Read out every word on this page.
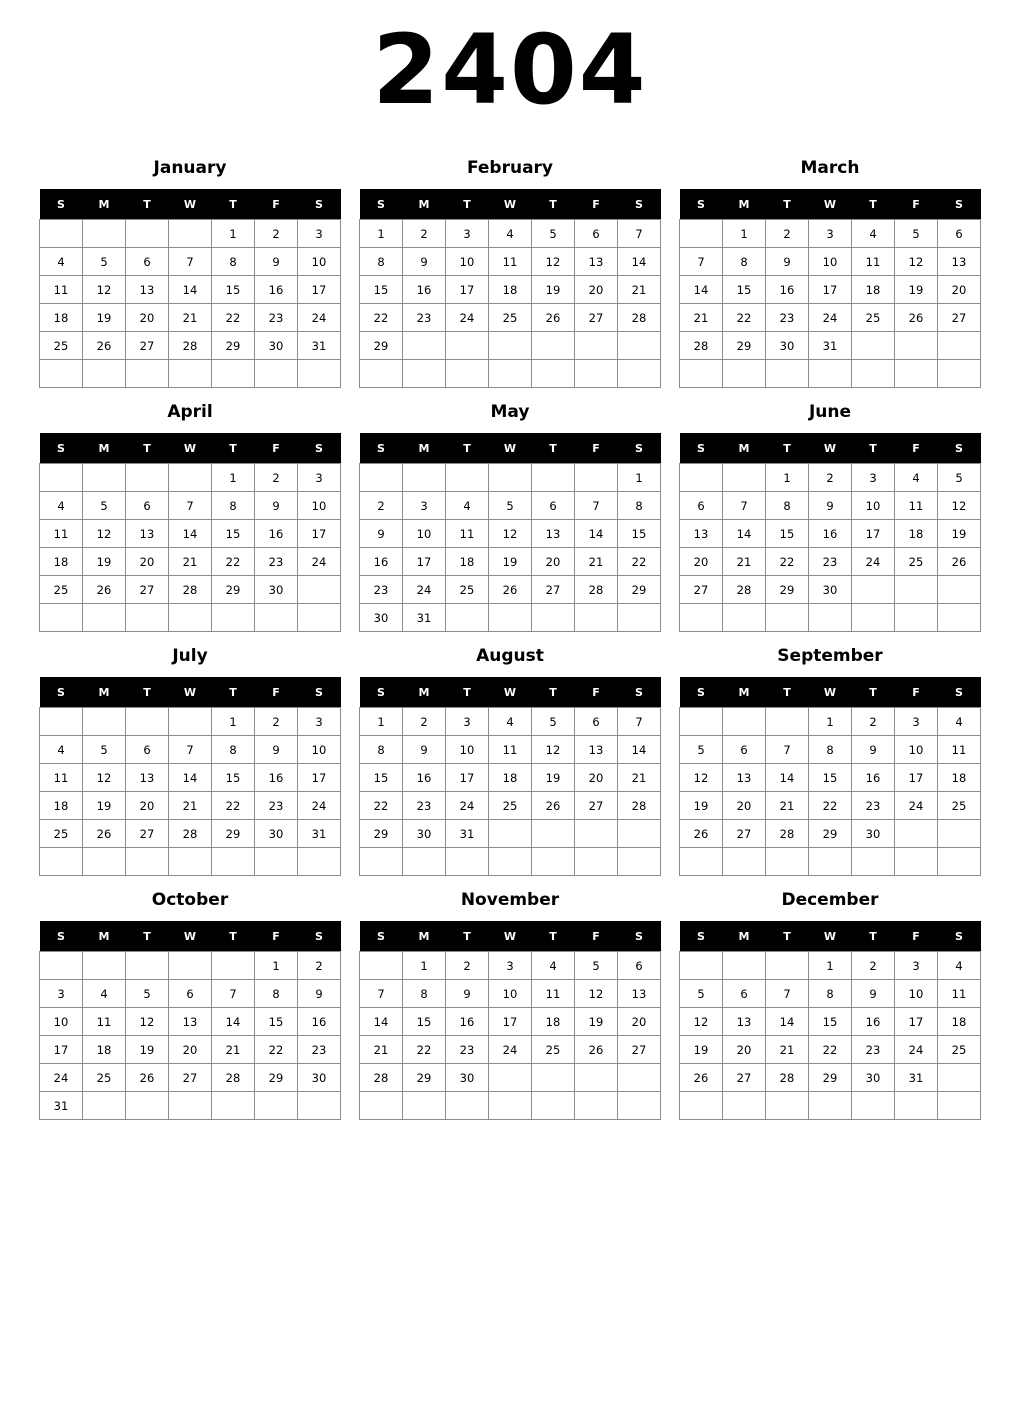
2404
January
S	M	T	W	T	F	S
				1	2	3
4	5	6	7	8	9	10
11	12	13	14	15	16	17
18	19	20	21	22	23	24
25	26	27	28	29	30	31

February
S	M	T	W	T	F	S
1	2	3	4	5	6	7
8	9	10	11	12	13	14
15	16	17	18	19	20	21
22	23	24	25	26	27	28
29						

March
S	M	T	W	T	F	S
	1	2	3	4	5	6
7	8	9	10	11	12	13
14	15	16	17	18	19	20
21	22	23	24	25	26	27
28	29	30	31			

April
S	M	T	W	T	F	S
				1	2	3
4	5	6	7	8	9	10
11	12	13	14	15	16	17
18	19	20	21	22	23	24
25	26	27	28	29	30	

May
S	M	T	W	T	F	S
						1
2	3	4	5	6	7	8
9	10	11	12	13	14	15
16	17	18	19	20	21	22
23	24	25	26	27	28	29
30	31					
June
S	M	T	W	T	F	S
		1	2	3	4	5
6	7	8	9	10	11	12
13	14	15	16	17	18	19
20	21	22	23	24	25	26
27	28	29	30			

July
S	M	T	W	T	F	S
				1	2	3
4	5	6	7	8	9	10
11	12	13	14	15	16	17
18	19	20	21	22	23	24
25	26	27	28	29	30	31

August
S	M	T	W	T	F	S
1	2	3	4	5	6	7
8	9	10	11	12	13	14
15	16	17	18	19	20	21
22	23	24	25	26	27	28
29	30	31				

September
S	M	T	W	T	F	S
			1	2	3	4
5	6	7	8	9	10	11
12	13	14	15	16	17	18
19	20	21	22	23	24	25
26	27	28	29	30		

October
S	M	T	W	T	F	S
					1	2
3	4	5	6	7	8	9
10	11	12	13	14	15	16
17	18	19	20	21	22	23
24	25	26	27	28	29	30
31						
November
S	M	T	W	T	F	S
	1	2	3	4	5	6
7	8	9	10	11	12	13
14	15	16	17	18	19	20
21	22	23	24	25	26	27
28	29	30				

December
S	M	T	W	T	F	S
			1	2	3	4
5	6	7	8	9	10	11
12	13	14	15	16	17	18
19	20	21	22	23	24	25
26	27	28	29	30	31	
